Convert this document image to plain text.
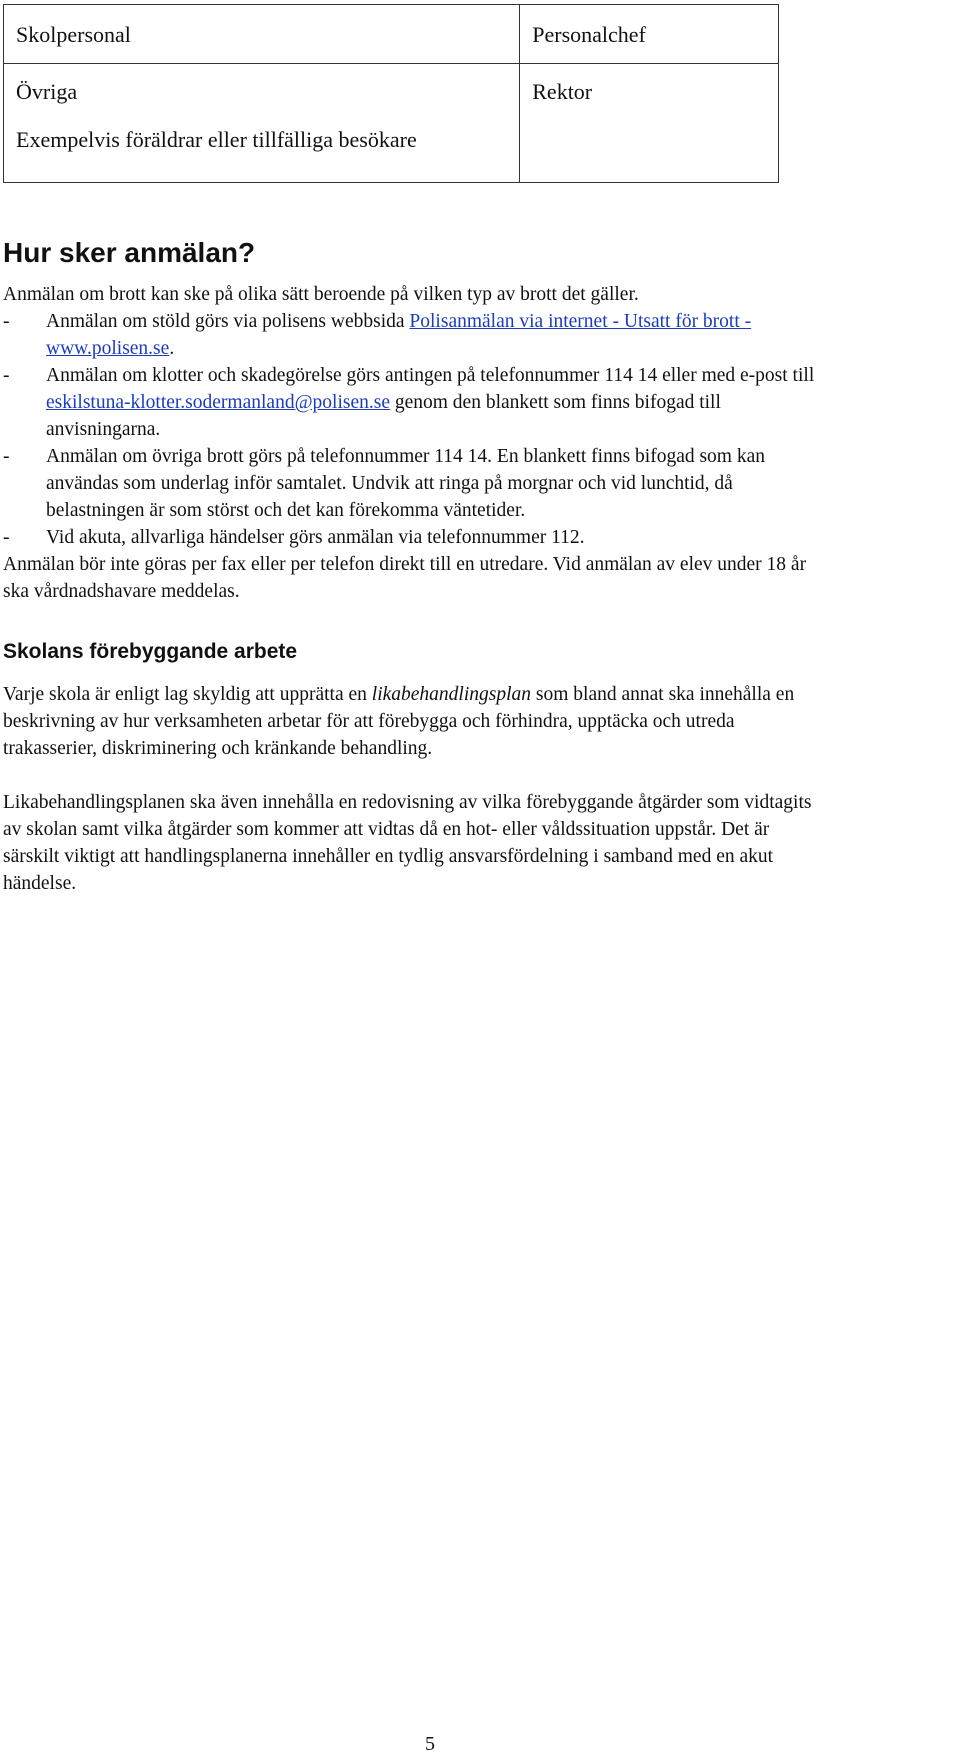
Skolpersonal	Personalchef

Övriga
Exempelvis föräldrar eller tillfälliga besökare	Rektor
Hur sker anmälan?
Anmälan om brott kan ske på olika sätt beroende på vilken typ av brott det gäller.
- Anmälan om stöld görs via polisens webbsida Polisanmälan via internet - Utsatt för brott -
www.polisen.se.
- Anmälan om klotter och skadegörelse görs antingen på telefonnummer 114 14 eller med e-post till
eskilstuna-klotter.sodermanland@polisen.se genom den blankett som finns bifogad till
anvisningarna.
- Anmälan om övriga brott görs på telefonnummer 114 14. En blankett finns bifogad som kan
användas som underlag inför samtalet. Undvik att ringa på morgnar och vid lunchtid, då
belastningen är som störst och det kan förekomma väntetider.
- Vid akuta, allvarliga händelser görs anmälan via telefonnummer 112.
Anmälan bör inte göras per fax eller per telefon direkt till en utredare. Vid anmälan av elev under 18 år
ska vårdnadshavare meddelas.
Skolans förebyggande arbete
Varje skola är enligt lag skyldig att upprätta en likabehandlingsplan som bland annat ska innehålla en
beskrivning av hur verksamheten arbetar för att förebygga och förhindra, upptäcka och utreda
trakasserier, diskriminering och kränkande behandling.
Likabehandlingsplanen ska även innehålla en redovisning av vilka förebyggande åtgärder som vidtagits
av skolan samt vilka åtgärder som kommer att vidtas då en hot- eller våldssituation uppstår. Det är
särskilt viktigt att handlingsplanerna innehåller en tydlig ansvarsfördelning i samband med en akut
händelse.
5
